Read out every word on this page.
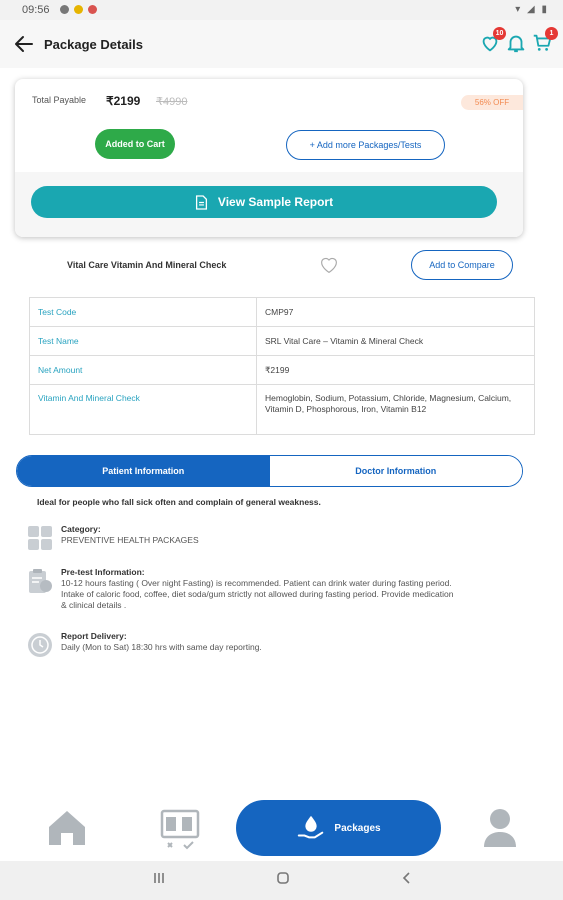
09:56	▾ ◢ ▮
Package Details
10	1
Total Payable ₹2199 ₹4990	56% OFF
Added to Cart	+ Add more Packages/Tests
View Sample Report
Vital Care Vitamin And Mineral Check	Add to Compare
Test Code	CMP97
Test Name	SRL Vital Care – Vitamin & Mineral Check
Net Amount	₹2199
Vitamin And Mineral Check	Hemoglobin, Sodium, Potassium, Chloride, Magnesium, Calcium, Vitamin D, Phosphorous, Iron, Vitamin B12
Patient Information	Doctor Information
Ideal for people who fall sick often and complain of general weakness.
Category:
PREVENTIVE HEALTH PACKAGES
Pre-test Information:
10-12 hours fasting ( Over night Fasting) is recommended. Patient can drink water during fasting period. Intake of caloric food, coffee, diet soda/gum strictly not allowed during fasting period. Provide medication & clinical details .
Report Delivery:
Daily (Mon to Sat) 18:30 hrs with same day reporting.
Packages
